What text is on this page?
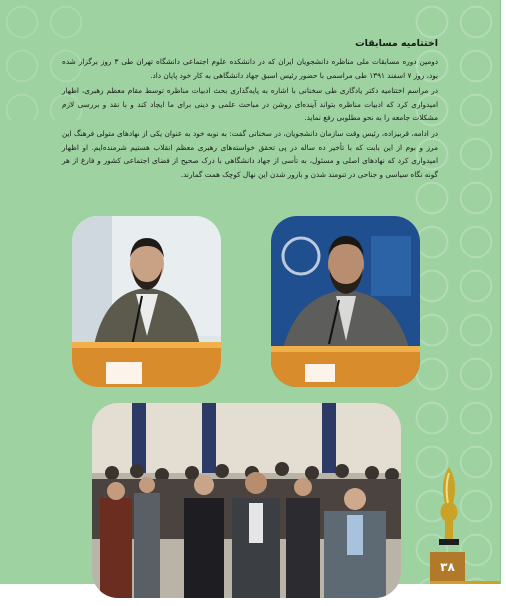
اختتامیه مسابقات

دومین دوره مسابقات ملی مناظره دانشجویان ایران که در دانشکده علوم اجتماعی دانشگاه تهران طی ۳ روز برگزار شده بود، روز ۷ اسفند ۱۳۹۱ طی مراسمی با حضور رئیس اسبق جهاد دانشگاهی به کار خود پایان داد.

در مراسم اختتامیه دکتر یادگاری طی سخنانی با اشاره به پایه‌گذاری بحث ادبیات مناظره توسط مقام معظم رهبری، اظهار امیدواری کرد که ادبیات مناظره بتواند آینده‌ای روشن در مباحث علمی و دینی برای ما ایجاد کند و با نقد و بررسی لازم مشکلات جامعه را به نحو مطلوبی رفع نماید.

در ادامه، قربیزاده، رئیس وقت سازمان دانشجویان، در سخنانی گفت: به نوبه خود به عنوان یکی از نهادهای متولی فرهنگ این مرز و بوم از این بابت که با تأخیر ده ساله در پی تحقق خواسته‌های رهبری معظم انقلاب هستیم شرمنده‌ایم. او اظهار امیدواری کرد که نهادهای اصلی و مسئول، به تأسی از جهاد دانشگاهی با درک صحیح از فضای اجتماعی کشور و فارغ از هر گونه نگاه سیاسی و جناحی در تنومند شدن و بارور شدن این نهال کوچک همت گمارند.

۳۸
